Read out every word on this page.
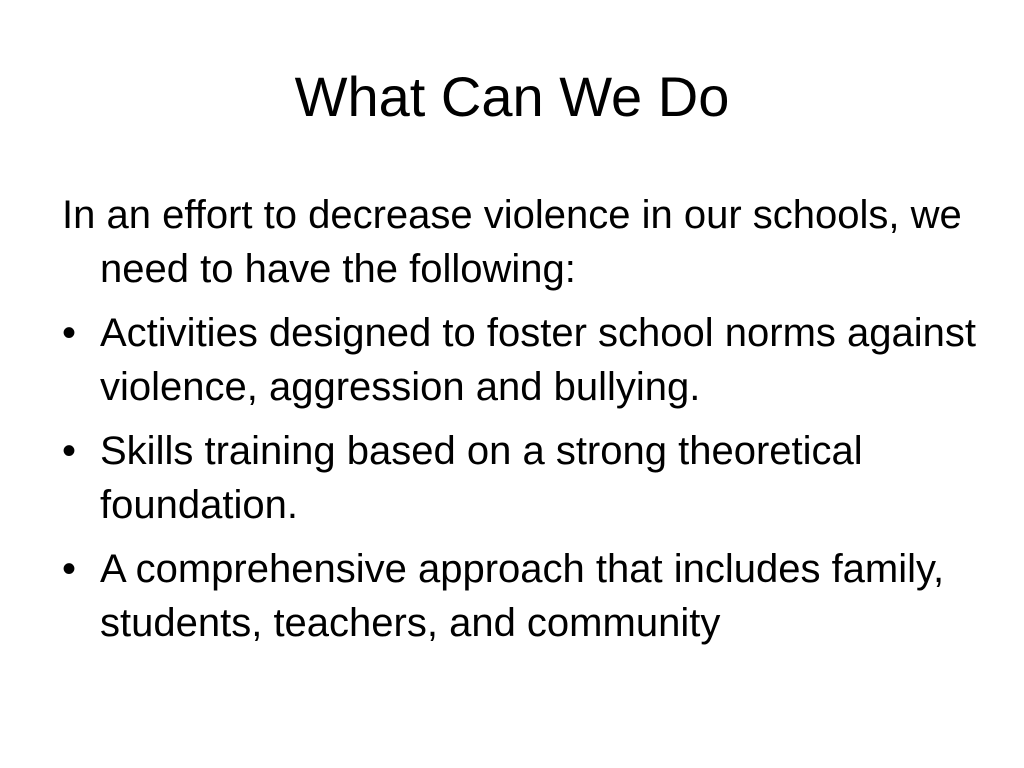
What Can We Do

In an effort to decrease violence in our schools, we need to have the following:

• Activities designed to foster school norms against violence, aggression and bullying.
• Skills training based on a strong theoretical foundation.
• A comprehensive approach that includes family, students, teachers, and community
